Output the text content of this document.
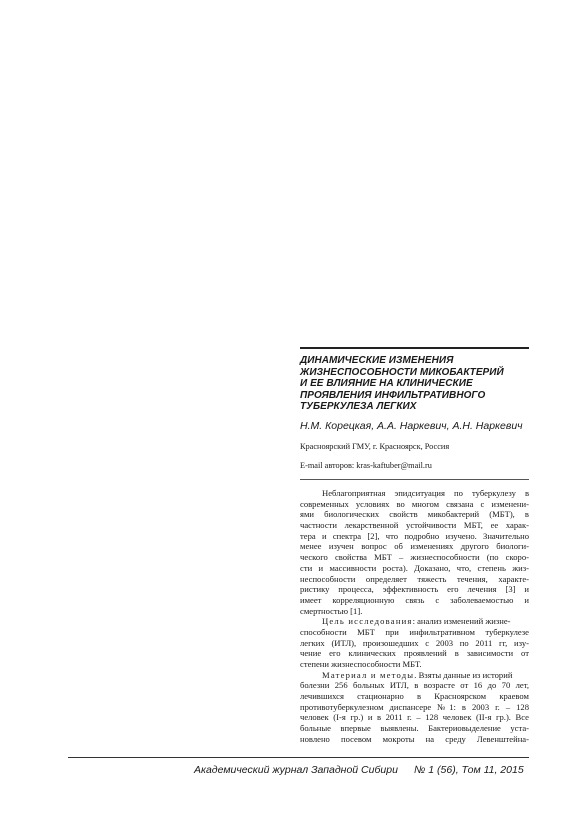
ДИНАМИЧЕСКИЕ ИЗМЕНЕНИЯ
ЖИЗНЕСПОСОБНОСТИ МИКОБАКТЕРИЙ
И ЕЕ ВЛИЯНИЕ НА КЛИНИЧЕСКИЕ
ПРОЯВЛЕНИЯ ИНФИЛЬТРАТИВНОГО
ТУБЕРКУЛЕЗА ЛЕГКИХ
Н.М. Корецкая, А.А. Наркевич, А.Н. Наркевич
Красноярский ГМУ, г. Красноярск, Россия
E-mail авторов: kras-kaftuber@mail.ru
Неблагоприятная эпидситуация по туберкулезу в
современных условиях во многом связана с изменени-
ями биологических свойств микобактерий (МБТ), в
частности лекарственной устойчивости МБТ, ее харак-
тера и спектра [2], что подробно изучено. Значительно
менее изучен вопрос об изменениях другого биологи-
ческого свойства МБТ – жизнеспособности (по скоро-
сти и массивности роста). Доказано, что, степень жиз-
неспособности определяет тяжесть течения, характе-
ристику процесса, эффективность его лечения [3] и
имеет корреляционную связь с заболеваемостью и
смертностью [1].
Цель исследования: анализ изменений жизне-
способности МБТ при инфильтративном туберкулезе
легких (ИТЛ), произошедших с 2003 по 2011 гг, изу-
чение его клинических проявлений в зависимости от
степени жизнеспособности МБТ.
Материал и методы. Взяты данные из историй
болезни 256 больных ИТЛ, в возрасте от 16 до 70 лет,
лечившихся стационарно в Красноярском краевом
противотуберкулезном диспансере №1: в 2003 г. – 128
человек (I-я гр.) и в 2011 г. – 128 человек (II-я гр.). Все
больные впервые выявлены. Бактериовыделение уста-
новлено посевом мокроты на среду Левенштейна-
Академический журнал Западной Сибири № 1 (56), Том 11, 2015
